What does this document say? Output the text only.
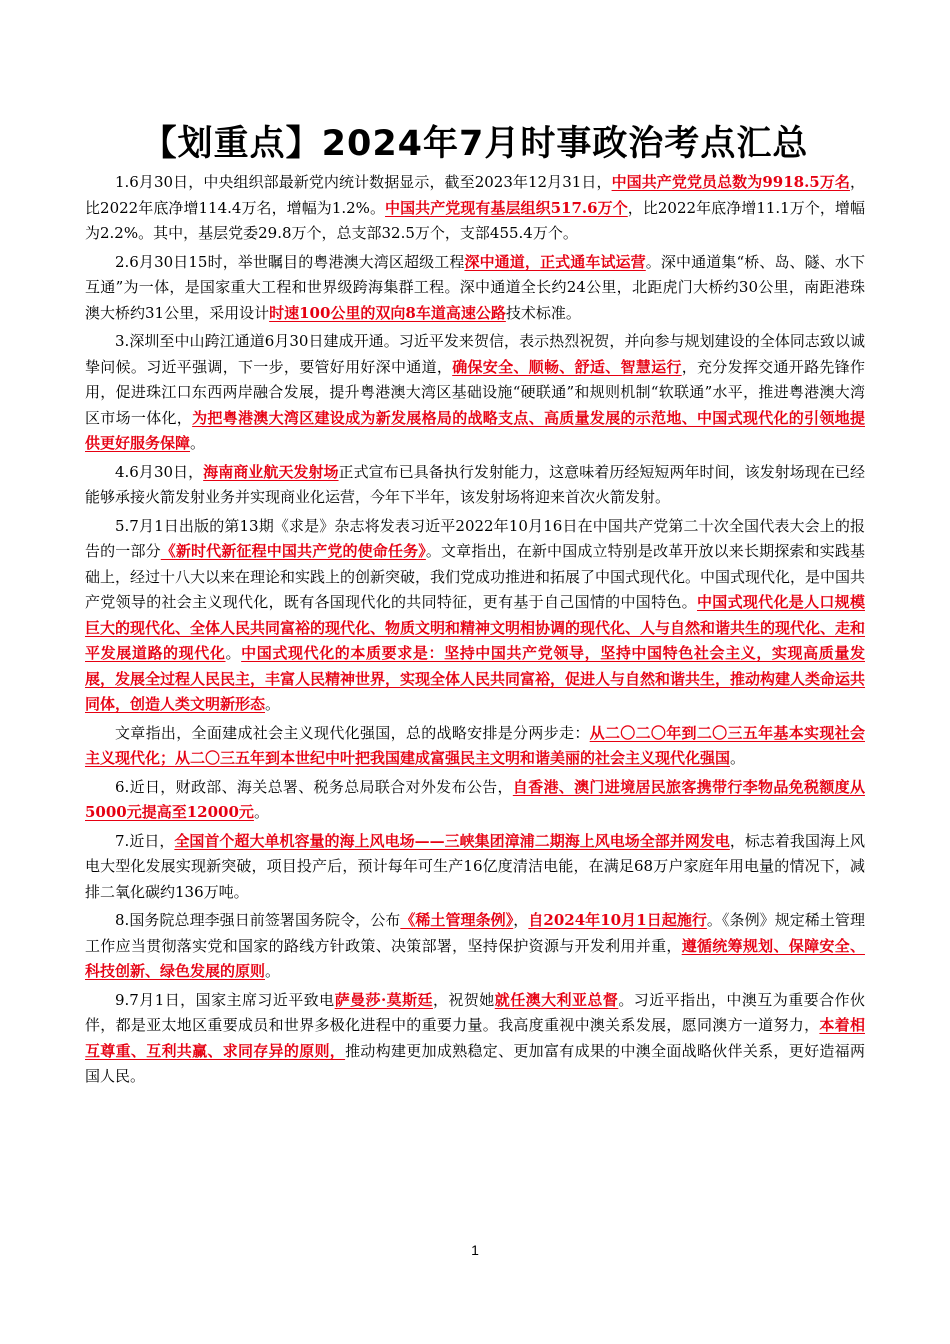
【划重点】2024年7月时事政治考点汇总

1.6月30日，中央组织部最新党内统计数据显示，截至2023年12月31日，中国共产党党员总数为9918.5万名，比2022年底净增114.4万名，增幅为1.2%。中国共产党现有基层组织517.6万个，比2022年底净增11.1万个，增幅为2.2%。其中，基层党委29.8万个，总支部32.5万个，支部455.4万个。

2.6月30日15时，举世瞩目的粤港澳大湾区超级工程深中通道，正式通车试运营。深中通道集“桥、岛、隧、水下互通”为一体，是国家重大工程和世界级跨海集群工程。深中通道全长约24公里，北距虎门大桥约30公里，南距港珠澳大桥约31公里，采用设计时速100公里的双向8车道高速公路技术标准。

3.深圳至中山跨江通道6月30日建成开通。习近平发来贺信，表示热烈祝贺，并向参与规划建设的全体同志致以诚挚问候。习近平强调，下一步，要管好用好深中通道，确保安全、顺畅、舒适、智慧运行，充分发挥交通开路先锋作用，促进珠江口东西两岸融合发展，提升粤港澳大湾区基础设施“硬联通”和规则机制“软联通”水平，推进粤港澳大湾区市场一体化，为把粤港澳大湾区建设成为新发展格局的战略支点、高质量发展的示范地、中国式现代化的引领地提供更好服务保障。

4.6月30日，海南商业航天发射场正式宣布已具备执行发射能力，这意味着历经短短两年时间，该发射场现在已经能够承接火箭发射业务并实现商业化运营，今年下半年，该发射场将迎来首次火箭发射。

5.7月1日出版的第13期《求是》杂志将发表习近平2022年10月16日在中国共产党第二十次全国代表大会上的报告的一部分《新时代新征程中国共产党的使命任务》。文章指出，在新中国成立特别是改革开放以来长期探索和实践基础上，经过十八大以来在理论和实践上的创新突破，我们党成功推进和拓展了中国式现代化。中国式现代化，是中国共产党领导的社会主义现代化，既有各国现代化的共同特征，更有基于自己国情的中国特色。中国式现代化是人口规模巨大的现代化、全体人民共同富裕的现代化、物质文明和精神文明相协调的现代化、人与自然和谐共生的现代化、走和平发展道路的现代化。中国式现代化的本质要求是：坚持中国共产党领导，坚持中国特色社会主义，实现高质量发展，发展全过程人民民主，丰富人民精神世界，实现全体人民共同富裕，促进人与自然和谐共生，推动构建人类命运共同体，创造人类文明新形态。

文章指出，全面建成社会主义现代化强国，总的战略安排是分两步走：从二〇二〇年到二〇三五年基本实现社会主义现代化；从二〇三五年到本世纪中叶把我国建成富强民主文明和谐美丽的社会主义现代化强国。

6.近日，财政部、海关总署、税务总局联合对外发布公告，自香港、澳门进境居民旅客携带行李物品免税额度从5000元提高至12000元。

7.近日，全国首个超大单机容量的海上风电场——三峡集团漳浦二期海上风电场全部并网发电，标志着我国海上风电大型化发展实现新突破，项目投产后，预计每年可生产16亿度清洁电能，在满足68万户家庭年用电量的情况下，减排二氧化碳约136万吨。

8.国务院总理李强日前签署国务院令，公布《稀土管理条例》，自2024年10月1日起施行。《条例》规定稀土管理工作应当贯彻落实党和国家的路线方针政策、决策部署，坚持保护资源与开发利用并重，遵循统筹规划、保障安全、科技创新、绿色发展的原则。

9.7月1日，国家主席习近平致电萨曼莎·莫斯廷，祝贺她就任澳大利亚总督。习近平指出，中澳互为重要合作伙伴，都是亚太地区重要成员和世界多极化进程中的重要力量。我高度重视中澳关系发展，愿同澳方一道努力，本着相互尊重、互利共赢、求同存异的原则，推动构建更加成熟稳定、更加富有成果的中澳全面战略伙伴关系，更好造福两国人民。

1
